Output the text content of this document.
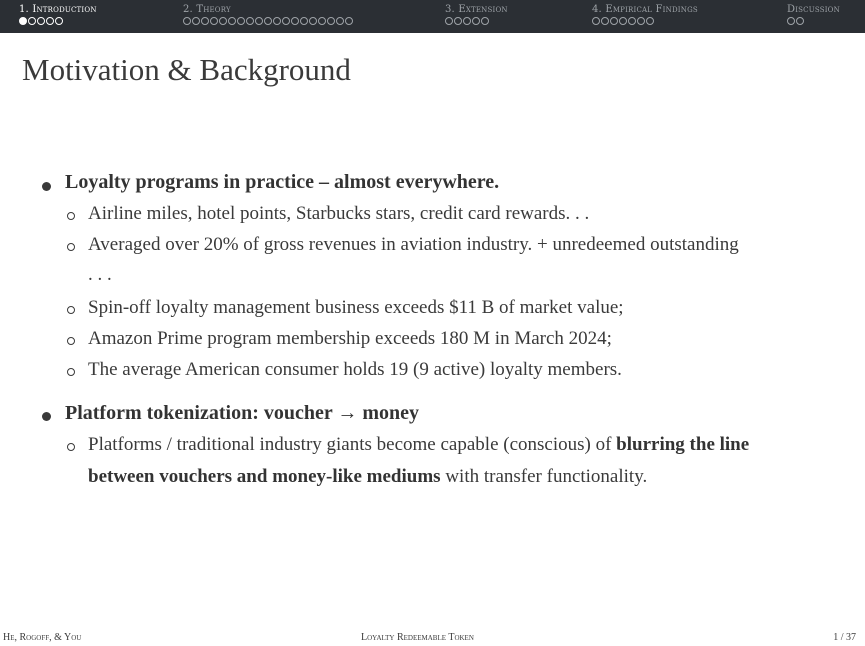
1. Introduction	2. Theory	3. Extension	4. Empirical Findings	Discussion
Motivation & Background
Loyalty programs in practice – almost everywhere.
Airline miles, hotel points, Starbucks stars, credit card rewards. . .
Averaged over 20% of gross revenues in aviation industry. + unredeemed outstanding
. . .
Spin-off loyalty management business exceeds $11 B of market value;
Amazon Prime program membership exceeds 180 M in March 2024;
The average American consumer holds 19 (9 active) loyalty members.
Platform tokenization: voucher → money
Platforms / traditional industry giants become capable (conscious) of blurring the line
between vouchers and money-like mediums with transfer functionality.
He, Rogoff, & You	Loyalty Redeemable Token	1 / 37
